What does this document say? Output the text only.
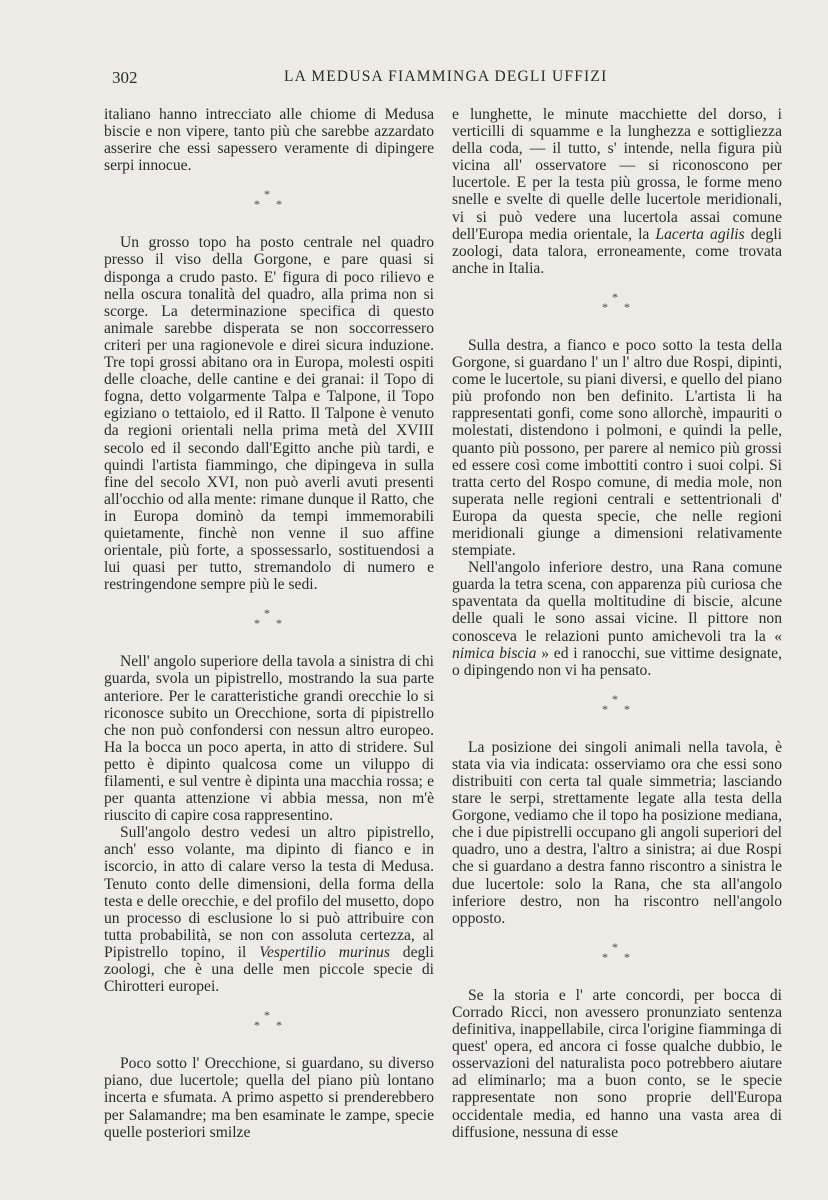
302	LA MEDUSA FIAMMINGA DEGLI UFFIZI

italiano hanno intrecciato alle chiome di Medusa biscie e non vipere, tanto più che sarebbe azzardato asserire che essi sapessero veramente di dipingere serpi innocue.

*
* *

Un grosso topo ha posto centrale nel quadro presso il viso della Gorgone, e pare quasi si disponga a crudo pasto. E' figura di poco rilievo e nella oscura tonalità del quadro, alla prima non si scorge. La determinazione specifica di questo animale sarebbe disperata se non soccorressero criteri per una ragionevole e direi sicura induzione. Tre topi grossi abitano ora in Europa, molesti ospiti delle cloache, delle cantine e dei granai: il Topo di fogna, detto volgarmente Talpa e Talpone, il Topo egiziano o tettaiolo, ed il Ratto. Il Talpone è venuto da regioni orientali nella prima metà del XVIII secolo ed il secondo dall'Egitto anche più tardi, e quindi l'artista fiammingo, che dipingeva in sulla fine del secolo XVI, non può averli avuti presenti all'occhio od alla mente: rimane dunque il Ratto, che in Europa dominò da tempi immemorabili quietamente, finchè non venne il suo affine orientale, più forte, a spossessarlo, sostituendosi a lui quasi per tutto, stremandolo di numero e restringendone sempre più le sedi.

*
* *

Nell' angolo superiore della tavola a sinistra di chi guarda, svola un pipistrello, mostrando la sua parte anteriore. Per le caratteristiche grandi orecchie lo si riconosce subito un Orecchione, sorta di pipistrello che non può confondersi con nessun altro europeo. Ha la bocca un poco aperta, in atto di stridere. Sul petto è dipinto qualcosa come un viluppo di filamenti, e sul ventre è dipinta una macchia rossa; e per quanta attenzione vi abbia messa, non m'è riuscito di capire cosa rappresentino.

Sull'angolo destro vedesi un altro pipistrello, anch' esso volante, ma dipinto di fianco e in iscorcio, in atto di calare verso la testa di Medusa. Tenuto conto delle dimensioni, della forma della testa e delle orecchie, e del profilo del musetto, dopo un processo di esclusione lo si può attribuire con tutta probabilità, se non con assoluta certezza, al Pipistrello topino, il Vespertilio murinus degli zoologi, che è una delle men piccole specie di Chirotteri europei.

*
* *

Poco sotto l' Orecchione, si guardano, su diverso piano, due lucertole; quella del piano più lontano incerta e sfumata. A primo aspetto si prenderebbero per Salamandre; ma ben esaminate le zampe, specie quelle posteriori smilze

e lunghette, le minute macchiette del dorso, i verticilli di squamme e la lunghezza e sottigliezza della coda, — il tutto, s' intende, nella figura più vicina all' osservatore — si riconoscono per lucertole. E per la testa più grossa, le forme meno snelle e svelte di quelle delle lucertole meridionali, vi si può vedere una lucertola assai comune dell'Europa media orientale, la Lacerta agilis degli zoologi, data talora, erroneamente, come trovata anche in Italia.

*
* *

Sulla destra, a fianco e poco sotto la testa della Gorgone, si guardano l' un l' altro due Rospi, dipinti, come le lucertole, su piani diversi, e quello del piano più profondo non ben definito. L'artista li ha rappresentati gonfi, come sono allorchè, impauriti o molestati, distendono i polmoni, e quindi la pelle, quanto più possono, per parere al nemico più grossi ed essere così come imbottiti contro i suoi colpi. Si tratta certo del Rospo comune, di media mole, non superata nelle regioni centrali e settentrionali d' Europa da questa specie, che nelle regioni meridionali giunge a dimensioni relativamente stempiate.

Nell'angolo inferiore destro, una Rana comune guarda la tetra scena, con apparenza più curiosa che spaventata da quella moltitudine di biscie, alcune delle quali le sono assai vicine. Il pittore non conosceva le relazioni punto amichevoli tra la « nimica biscia » ed i ranocchi, sue vittime designate, o dipingendo non vi ha pensato.

*
* *

La posizione dei singoli animali nella tavola, è stata via via indicata: osserviamo ora che essi sono distribuiti con certa tal quale simmetria; lasciando stare le serpi, strettamente legate alla testa della Gorgone, vediamo che il topo ha posizione mediana, che i due pipistrelli occupano gli angoli superiori del quadro, uno a destra, l'altro a sinistra; ai due Rospi che si guardano a destra fanno riscontro a sinistra le due lucertole: solo la Rana, che sta all'angolo inferiore destro, non ha riscontro nell'angolo opposto.

*
* *

Se la storia e l' arte concordi, per bocca di Corrado Ricci, non avessero pronunziato sentenza definitiva, inappellabile, circa l'origine fiamminga di quest' opera, ed ancora ci fosse qualche dubbio, le osservazioni del naturalista poco potrebbero aiutare ad eliminarlo; ma a buon conto, se le specie rappresentate non sono proprie dell'Europa occidentale media, ed hanno una vasta area di diffusione, nessuna di esse
